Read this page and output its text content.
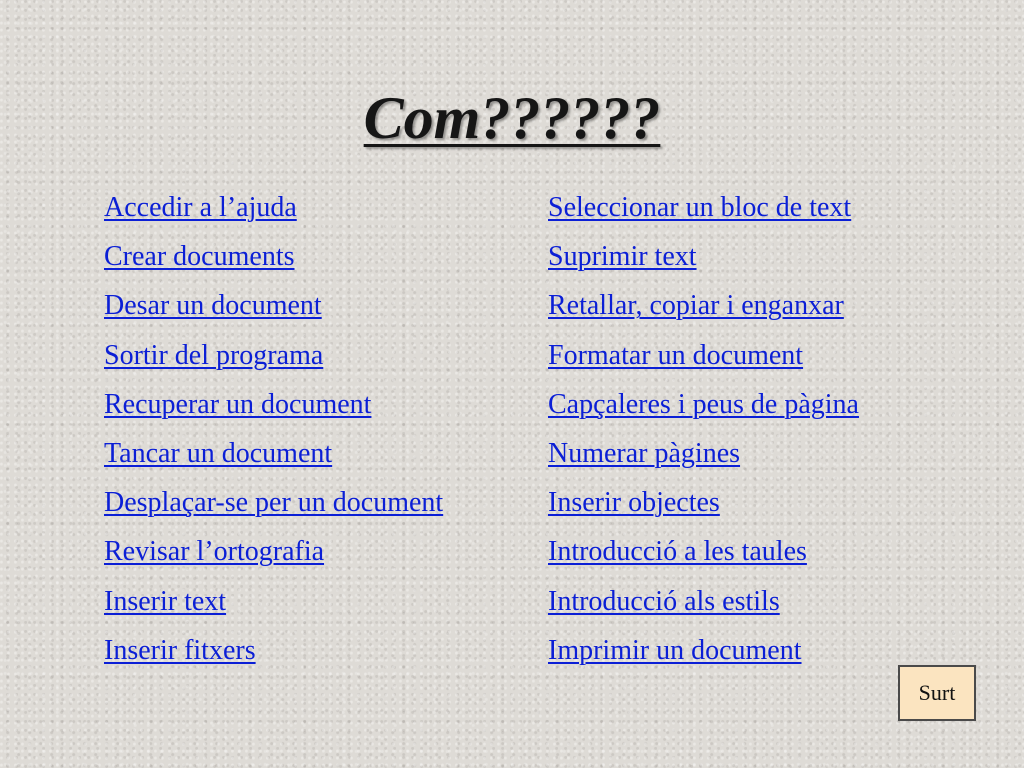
Com??????
Accedir a l’ajuda
Crear documents
Desar un document
Sortir del programa
Recuperar un document
Tancar un document
Desplaçar-se per un document
Revisar l’ortografia
Inserir text
Inserir fitxers
Seleccionar un bloc de text
Suprimir text
Retallar, copiar i enganxar
Formatar un document
Capçaleres i peus de pàgina
Numerar pàgines
Inserir objectes
Introducció a les taules
Introducció als estils
Imprimir un document
Surt
